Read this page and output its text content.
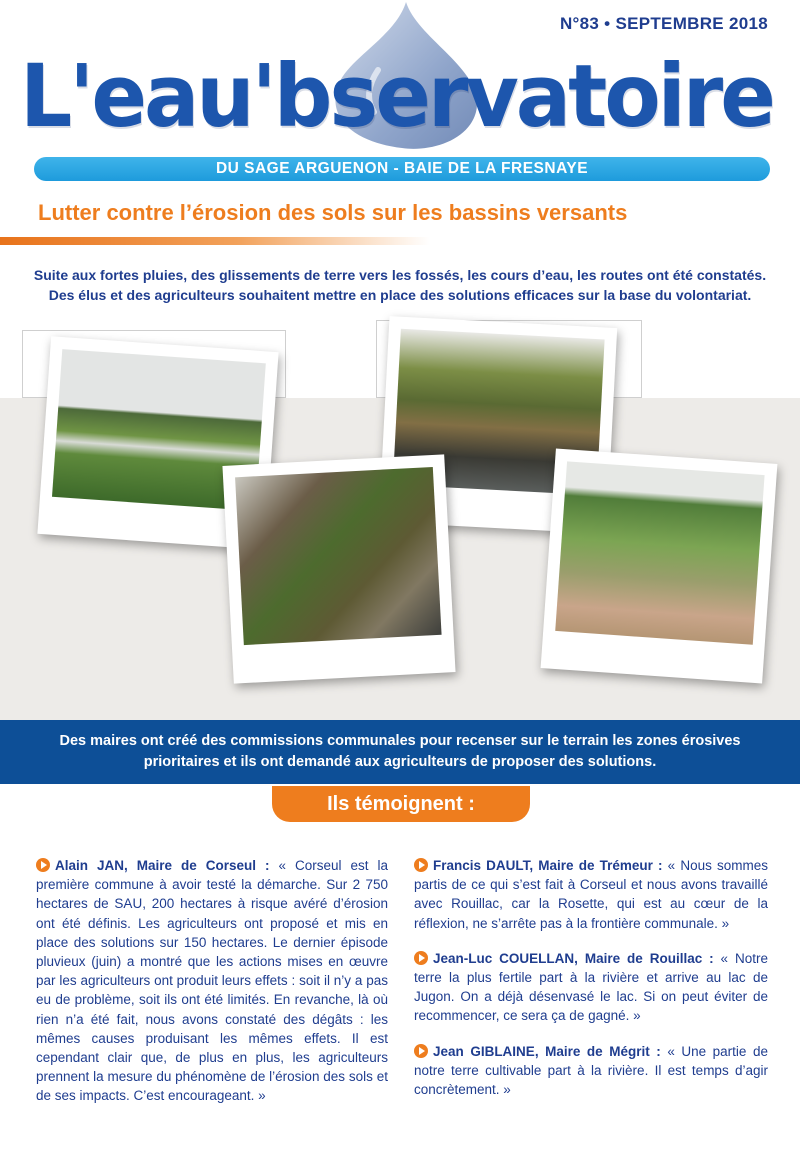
N°83 • SEPTEMBRE 2018
L'eau'bservatoire
DU SAGE ARGUENON - BAIE DE LA FRESNAYE
Lutter contre l’érosion des sols sur les bassins versants
Suite aux fortes pluies, des glissements de terre vers les fossés, les cours d’eau, les routes ont été constatés. Des élus et des agriculteurs souhaitent mettre en place des solutions efficaces sur la base du volontariat.
Des maires ont créé des commissions communales pour recenser sur le terrain les zones érosives prioritaires et ils ont demandé aux agriculteurs de proposer des solutions.
Ils témoignent :

Alain JAN, Maire de Corseul : « Corseul est la première commune à avoir testé la démarche. Sur 2 750 hectares de SAU, 200 hectares à risque avéré d’érosion ont été définis. Les agriculteurs ont proposé et mis en place des solutions sur 150 hectares. Le dernier épisode pluvieux (juin) a montré que les actions mises en œuvre par les agriculteurs ont produit leurs effets : soit il n’y a pas eu de problème, soit ils ont été limités. En revanche, là où rien n’a été fait, nous avons constaté des dégâts : les mêmes causes produisant les mêmes effets. Il est cependant clair que, de plus en plus, les agriculteurs prennent la mesure du phénomène de l’érosion des sols et de ses impacts. C’est encourageant. »

Francis DAULT, Maire de Trémeur : « Nous sommes partis de ce qui s’est fait à Corseul et nous avons travaillé avec Rouillac, car la Rosette, qui est au cœur de la réflexion, ne s’arrête pas à la frontière communale. »

Jean-Luc COUELLAN, Maire de Rouillac : « Notre terre la plus fertile part à la rivière et arrive au lac de Jugon. On a déjà désenvasé le lac. Si on peut éviter de recommencer, ce sera ça de gagné. »

Jean GIBLAINE, Maire de Mégrit : « Une partie de notre terre cultivable part à la rivière. Il est temps d’agir concrètement. »
